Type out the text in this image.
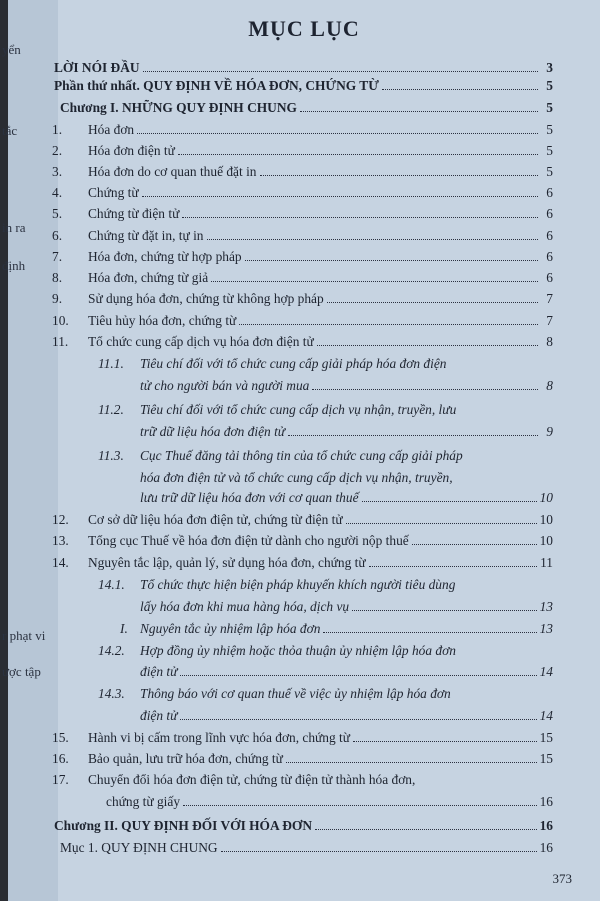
yển
tắc
in ra
định
r phạt vi
ược tập
MỤC LỤC
LỜI NÓI ĐẦU	3
Phần thứ nhất. QUY ĐỊNH VỀ HÓA ĐƠN, CHỨNG TỪ	5
Chương I. NHỮNG QUY ĐỊNH CHUNG	5
1.	Hóa đơn	5
2.	Hóa đơn điện tử	5
3.	Hóa đơn do cơ quan thuế đặt in	5
4.	Chứng từ	6
5.	Chứng từ điện tử	6
6.	Chứng từ đặt in, tự in	6
7.	Hóa đơn, chứng từ hợp pháp	6
8.	Hóa đơn, chứng từ giả	6
9.	Sử dụng hóa đơn, chứng từ không hợp pháp	7
10.	Tiêu hủy hóa đơn, chứng từ	7
11.	Tổ chức cung cấp dịch vụ hóa đơn điện tử	8
11.1.	Tiêu chí đối với tổ chức cung cấp giải pháp hóa đơn điện
tử cho người bán và người mua	8
11.2.	Tiêu chí đối với tổ chức cung cấp dịch vụ nhận, truyền, lưu
trữ dữ liệu hóa đơn điện tử	9
11.3.	Cục Thuế đăng tải thông tin của tổ chức cung cấp giải pháp
hóa đơn điện tử và tổ chức cung cấp dịch vụ nhận, truyền,
lưu trữ dữ liệu hóa đơn với cơ quan thuế	10
12.	Cơ sở dữ liệu hóa đơn điện tử, chứng từ điện tử	10
13.	Tổng cục Thuế về hóa đơn điện tử dành cho người nộp thuế	10
14.	Nguyên tắc lập, quản lý, sử dụng hóa đơn, chứng từ	11
14.1.	Tổ chức thực hiện biện pháp khuyến khích người tiêu dùng
lấy hóa đơn khi mua hàng hóa, dịch vụ	13
I. Nguyên tắc ủy nhiệm lập hóa đơn	13
14.2.	Hợp đồng ủy nhiệm hoặc thỏa thuận ủy nhiệm lập hóa đơn
điện tử	14
14.3.	Thông báo với cơ quan thuế về việc ủy nhiệm lập hóa đơn
điện tử	14
15.	Hành vi bị cấm trong lĩnh vực hóa đơn, chứng từ	15
16.	Bảo quản, lưu trữ hóa đơn, chứng từ	15
17.	Chuyển đổi hóa đơn điện tử, chứng từ điện tử thành hóa đơn,
chứng từ giấy	16
Chương II. QUY ĐỊNH ĐỐI VỚI HÓA ĐƠN	16
Mục 1. QUY ĐỊNH CHUNG	16
373
